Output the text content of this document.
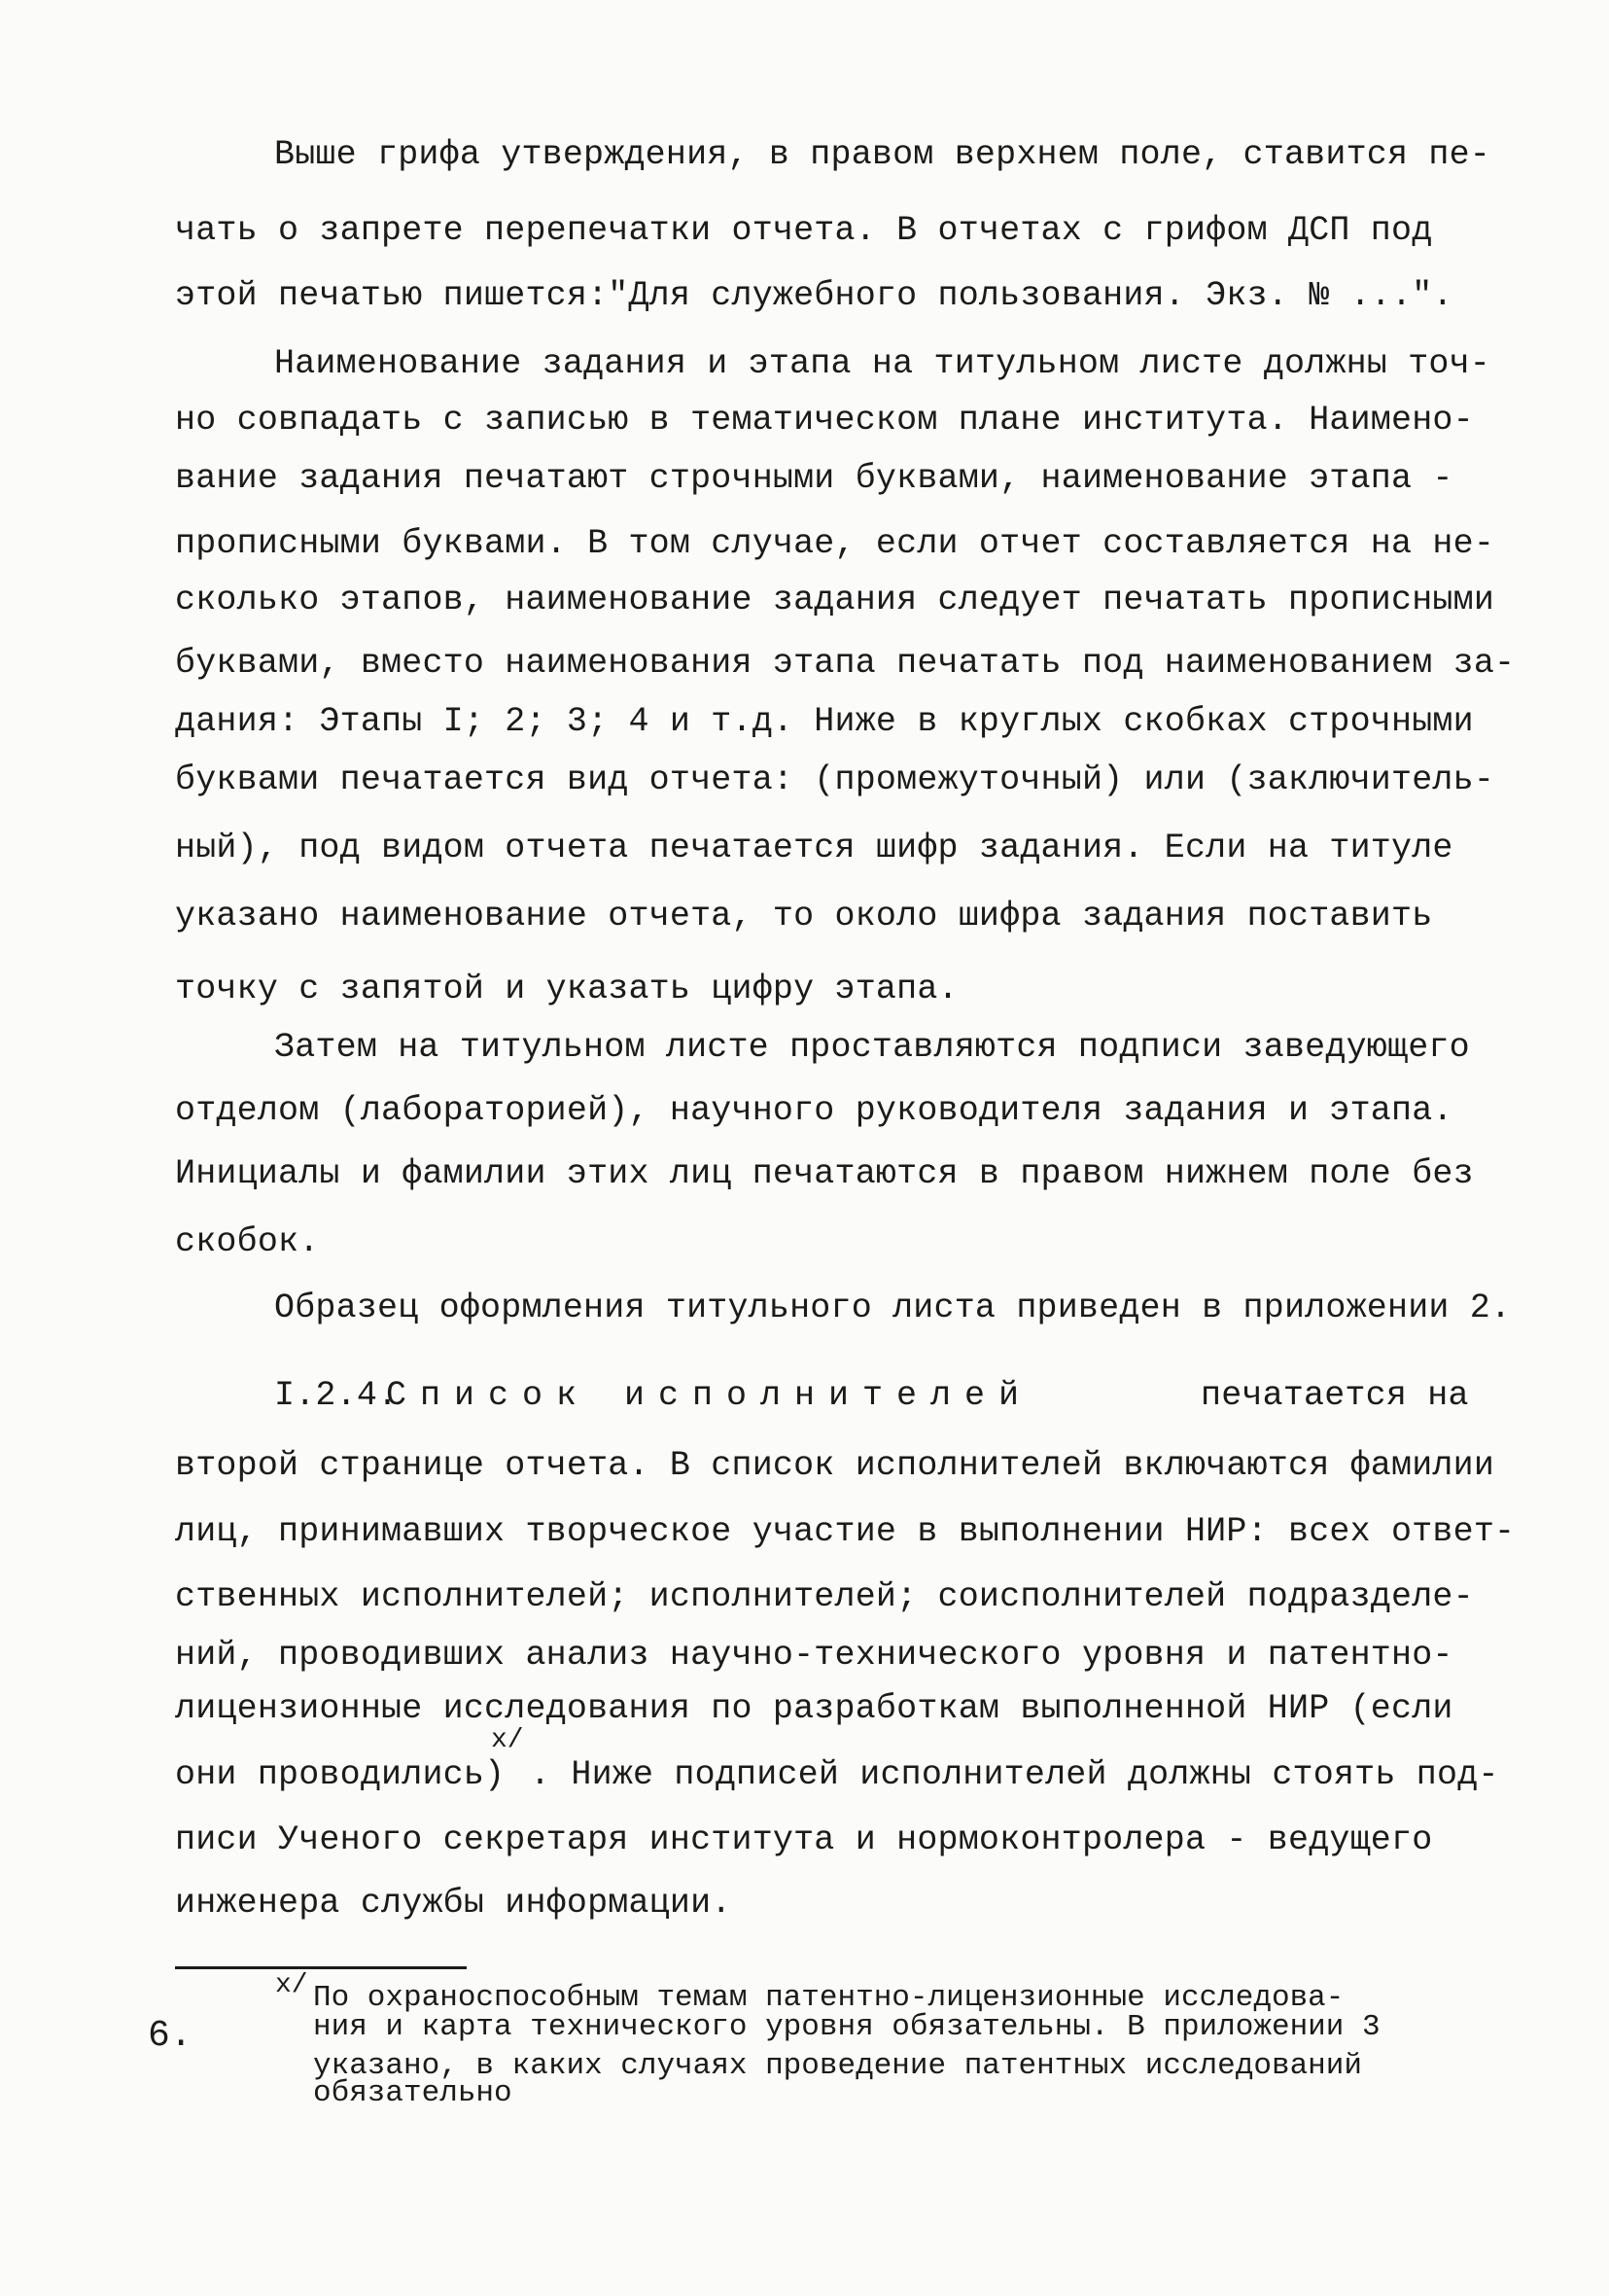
Выше грифа утверждения, в правом верхнем поле, ставится пе-
чать о запрете перепечатки отчета. В отчетах с грифом ДСП под
этой печатью пишется:"Для служебного пользования. Экз. № ...".
Наименование задания и этапа на титульном листе должны точ-
но совпадать с записью в тематическом плане института. Наимено-
вание задания печатают строчными буквами, наименование этапа -
прописными буквами. В том случае, если отчет составляется на не-
сколько этапов, наименование задания следует печатать прописными
буквами, вместо наименования этапа печатать под наименованием за-
дания: Этапы I; 2; 3; 4 и т.д. Ниже в круглых скобках строчными
буквами печатается вид отчета: (промежуточный) или (заключитель-
ный), под видом отчета печатается шифр задания. Если на титуле
указано наименование отчета, то около шифра задания поставить
точку с запятой и указать цифру этапа.
Затем на титульном листе проставляются подписи заведующего
отделом (лабораторией), научного руководителя задания и этапа.
Инициалы и фамилии этих лиц печатаются в правом нижнем поле без
скобок.
Образец оформления титульного листа приведен в приложении 2.
I.2.4.
Список исполнителей	печатается на
второй странице отчета. В список исполнителей включаются фамилии
лиц, принимавших творческое участие в выполнении НИР: всех ответ-
ственных исполнителей; исполнителей; соисполнителей подразделе-
ний, проводивших анализ научно-технического уровня и патентно-
лицензионные исследования по разработкам выполненной НИР (если
они проводились)
x/
. Ниже подписей исполнителей должны стоять под-
писи Ученого секретаря института и нормоконтролера - ведущего
инженера службы информации.
x/ По охраноспособным темам патентно-лицензионные исследова-
ния и карта технического уровня обязательны. В приложении 3
указано, в каких случаях проведение патентных исследований
обязательно
6.
